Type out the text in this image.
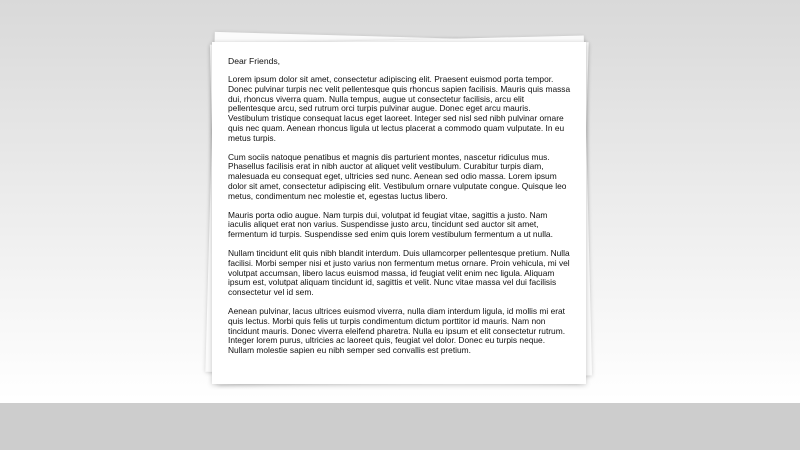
Dear Friends,

Lorem ipsum dolor sit amet, consectetur adipiscing elit. Praesent euismod porta tempor. Donec pulvinar turpis nec velit pellentesque quis rhoncus sapien facilisis. Mauris quis massa dui, rhoncus viverra quam. Nulla tempus, augue ut consectetur facilisis, arcu elit pellentesque arcu, sed rutrum orci turpis pulvinar augue. Donec eget arcu mauris. Vestibulum tristique consequat lacus eget laoreet. Integer sed nisl sed nibh pulvinar ornare quis nec quam. Aenean rhoncus ligula ut lectus placerat a commodo quam vulputate. In eu metus turpis.

Cum sociis natoque penatibus et magnis dis parturient montes, nascetur ridiculus mus. Phasellus facilisis erat in nibh auctor at aliquet velit vestibulum. Curabitur turpis diam, malesuada eu consequat eget, ultricies sed nunc. Aenean sed odio massa. Lorem ipsum dolor sit amet, consectetur adipiscing elit. Vestibulum ornare vulputate congue. Quisque leo metus, condimentum nec molestie et, egestas luctus libero.

Mauris porta odio augue. Nam turpis dui, volutpat id feugiat vitae, sagittis a justo. Nam iaculis aliquet erat non varius. Suspendisse justo arcu, tincidunt sed auctor sit amet, fermentum id turpis. Suspendisse sed enim quis lorem vestibulum fermentum a ut nulla.

Nullam tincidunt elit quis nibh blandit interdum. Duis ullamcorper pellentesque pretium. Nulla facilisi. Morbi semper nisi et justo varius non fermentum metus ornare. Proin vehicula, mi vel volutpat accumsan, libero lacus euismod massa, id feugiat velit enim nec ligula. Aliquam ipsum est, volutpat aliquam tincidunt id, sagittis et velit. Nunc vitae massa vel dui facilisis consectetur vel id sem.

Aenean pulvinar, lacus ultrices euismod viverra, nulla diam interdum ligula, id mollis mi erat quis lectus. Morbi quis felis ut turpis condimentum dictum porttitor id mauris. Nam non tincidunt mauris. Donec viverra eleifend pharetra. Nulla eu ipsum et elit consectetur rutrum. Integer lorem purus, ultricies ac laoreet quis, feugiat vel dolor. Donec eu turpis neque. Nullam molestie sapien eu nibh semper sed convallis est pretium.
